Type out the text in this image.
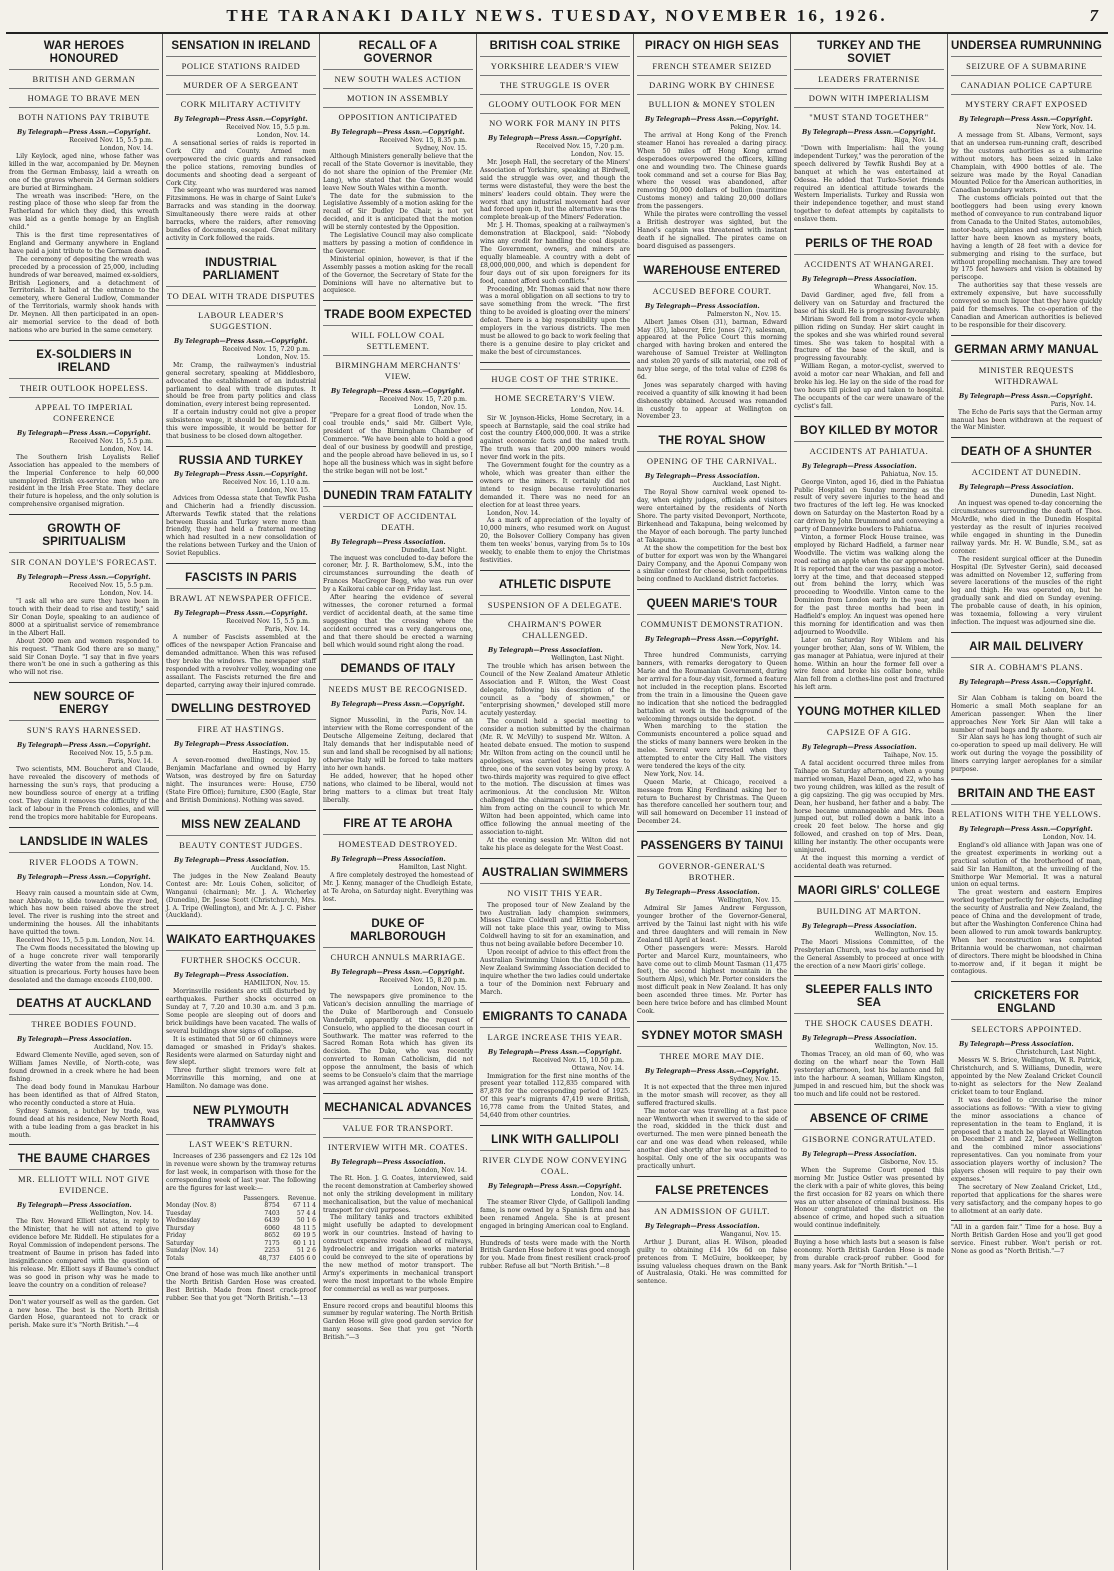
THE TARANAKI DAILY NEWS. TUESDAY, NOVEMBER 16, 1926.	7
WAR HEROES HONOURED
BRITISH AND GERMAN
HOMAGE TO BRAVE MEN
BOTH NATIONS PAY TRIBUTE
By Telegraph—Press Assn.—Copyright.
Received Nov. 15, 5.5 p.m.
London, Nov. 14.

Lily Keylock, aged nine, whose father was killed in the war, accompanied by Dr. Meynen from the German Embassy, laid a wreath on one of the graves wherein 24 German soldiers are buried at Birmingham.

The wreath was inscribed: "Here, on the resting place of those who sleep far from the Fatherland for which they died, this wreath was laid as a gentle homage by an English child."

This is the first time representatives of England and Germany anywhere in England have paid a joint tribute to the German dead.

The ceremony of depositing the wreath was preceded by a procession of 25,000, including hundreds of war bereaved, maimed ex-soldiers, British Legioners, and a detachment of Territorials. It halted at the entrance to the cemetery, where General Ludlow, Commander of the Territorials, warmly shook hands with Dr. Meynen. All then participated in an open-air memorial service to the dead of both nations who are buried in the same cemetery.

EX-SOLDIERS IN IRELAND
THEIR OUTLOOK HOPELESS.
APPEAL TO IMPERIAL CONFERENCE
By Telegraph—Press Assn.—Copyright.
Received Nov. 15, 5.5 p.m.
London, Nov. 14.

The Southern Irish Loyalists Relief Association has appealed to the members of the Imperial Conference to help 60,000 unemployed British ex-service men who are resident in the Irish Free State. They declare their future is hopeless, and the only solution is comprehensive organised migration.

GROWTH OF SPIRITUALISM
SIR CONAN DOYLE'S FORECAST.
By Telegraph—Press Assn.—Copyright.
Received Nov. 15, 5.5 p.m.
London, Nov. 14.

"I ask all who are sure they have been in touch with their dead to rise and testify," said Sir Conan Doyle, speaking to an audience of 8000 at a spiritualist service of remembrance in the Albert Hall.

About 2000 men and women responded to his request. "Thank God there are so many," said Sir Conan Doyle. "I say that in five years there won't be one in such a gathering as this who will not rise.

NEW SOURCE OF ENERGY
SUN'S RAYS HARNESSED.
By Telegraph—Press Assn.—Copyright.
Received Nov. 15, 5.5 p.m.
Paris, Nov. 14.

Two scientists, MM. Boucherot and Claude, have revealed the discovery of methods of harnessing the sun's rays, that producing a new boundless source of energy at a trifling cost. They claim it removes the difficulty of the lack of labour in the French colonies, and will rend the tropics more habitable for Europeans.

LANDSLIDE IN WALES
RIVER FLOODS A TOWN.
By Telegraph—Press Assn.—Copyright.
London, Nov. 14.

Heavy rain caused a mountain side at Cwm, near Abbvale, to slide towards the river bed, which has now been raised above the street level. The river is rushing into the street and undermining the houses. All the inhabitants have quitted the town.

Received Nov. 15, 5.5 p.m. London, Nov. 14.

The Cwm floods necessitated the blowing up of a huge concrete river wall temporarily diverting the water from the main road. The situation is precarious. Forty houses have been desolated and the damage exceeds £100,000.

DEATHS AT AUCKLAND
THREE BODIES FOUND.
By Telegraph—Press Association.
Auckland, Nov. 15.

Edward Clemente Neville, aged seven, son of William James Neville, of North-cote, was found drowned in a creek where he had been fishing.

The dead body found in Manukau Harbour has been identified as that of Alfred Staton, who recently conducted a store at Huia.

Sydney Samson, a butcher by trade, was found dead at his residence, New North Road, with a tube leading from a gas bracket in his mouth.

THE BAUME CHARGES
MR. ELLIOTT WILL NOT GIVE EVIDENCE.
By Telegraph—Press Association.
Wellington, Nov. 14.

The Rev. Howard Elliott states, in reply to the Minister, that he will not attend to give evidence before Mr. Riddell. He stipulates for a Royal Commission of independent persons. The treatment of Baume in prison has faded into insignificance compared with the question of his release. Mr. Elliott says if Baume's conduct was so good in prison why was he made to leave the country on a condition of release?

Don't water yourself as well as the garden. Get a new hose. The best is the North British Garden Hose, guaranteed not to crack or perish. Make sure it's "North British."—4
SENSATION IN IRELAND
POLICE STATIONS RAIDED
MURDER OF A SERGEANT
CORK MILITARY ACTIVITY
By Telegraph—Press Assn.—Copyright.
Received Nov. 15, 5.5 p.m.
London, Nov. 14.

A sensational series of raids is reported in Cork City and County. Armed men overpowered the civic guards and ransacked the police stations, removing bundles of documents and shooting dead a sergeant of Cork City.

The sergeant who was murdered was named Fitzsimmons. He was in charge of Saint Luke's Barracks and was standing in the doorway. Simultaneously there were raids at other barracks, where the raiders, after removing bundles of documents, escaped. Great military activity in Cork followed the raids.

INDUSTRIAL PARLIAMENT
TO DEAL WITH TRADE DISPUTES
LABOUR LEADER'S SUGGESTION.
By Telegraph—Press Assn.—Copyright.
Received Nov. 15, 7.20 p.m.
London, Nov. 15.

Mr. Cramp, the railwaymen's industrial general secretary, speaking at Middlesboro, advocated the establishment of an industrial parliament to deal with trade disputes. It should be free from party politics and class domination, every interest being represented.

If a certain industry could not give a proper subsistence wage, it should be reorganised. If this were impossible, it would be better for that business to be closed down altogether.

RUSSIA AND TURKEY
By Telegraph—Press Assn.—Copyright.
Received Nov. 16, 1.10 a.m.
London, Nov. 15.

Advices from Odessa state that Tewfik Pasha and Chicherin had a friendly discussion. Afterwards Tewfik stated that the relations between Russia and Turkey were more than friendly, they had held a fraternal meeting which had resulted in a new consolidation of the relations between Turkey and the Union of Soviet Republics.

FASCISTS IN PARIS
BRAWL AT NEWSPAPER OFFICE.
By Telegraph—Press Assn.—Copyright.
Received Nov. 15, 5.5 p.m.
Paris, Nov. 14.

A number of Fascists assembled at the offices of the newspaper Action Francaise and demanded admittance. When this was refused they broke the windows. The newspaper staff responded with a revolver volley, wounding one assailant. The Fascists returned the fire and departed, carrying away their injured comrade.

DWELLING DESTROYED
FIRE AT HASTINGS.
By Telegraph—Press Association.
Hastings, Nov. 15.

A seven-roomed dwelling occupied by Benjamin Macfarlane and owned by Harry Watson, was destroyed by fire on Saturday night. The insurances were: House, £750 (State Fire Office); furniture, £300 (Eagle, Star and British Dominions). Nothing was saved.

MISS NEW ZEALAND
BEAUTY CONTEST JUDGES.
By Telegraph—Press Association.
Auckland, Nov. 15.

The judges in the New Zealand Beauty Contest are: Mr. Louis Cohen, solicitor, of Wanganui (chairman); Mr. J. A. Wicherley (Dunedin), Dr. Jesse Scott (Christchurch), Mrs. J. A. Tripe (Wellington), and Mr. A. J. C. Fisher (Auckland).

WAIKATO EARTHQUAKES
FURTHER SHOCKS OCCUR.
By Telegraph—Press Association.
HAMILTON, Nov. 15.

Morrinsville residents are still disturbed by earthquakes. Further shocks occurred on Sunday at 7, 7.20 and 10.30 a.m. and 3 p.m. Some people are sleeping out of doors and brick buildings have been vacated. The walls of several buildings show signs of collapse.

It is estimated that 50 or 60 chimneys were damaged or smashed in Friday's shakes. Residents were alarmed on Saturday night and few slept.

Three further slight tremors were felt at Morrinsville this morning, and one at Hamilton. No damage was done.

NEW PLYMOUTH TRAMWAYS
LAST WEEK'S RETURN.

Increases of 236 passengers and £2 12s 10d in revenue were shown by the tramway returns for last week, in comparison with those for the corresponding week of last year. The following are the figures for last week:—

	Passengers.	Revenue.
Monday (Nov. 8)	8754	67 11 4
Tuesday	7403	57 4 4
Wednesday	6439	50 1 6
Thursday	6060	48 11 5
Friday	8652	69 19 5
Saturday	7175	60 1 11
Sunday (Nov. 14)	2253	51 2 6
Totals	48,737	£405 6 0
One brand of hose was much like another until the North British Garden Hose was created. Best British. Made from finest crack-proof rubber. See that you get "North British."—13
RECALL OF A GOVERNOR
NEW SOUTH WALES ACTION
MOTION IN ASSEMBLY
OPPOSITION ANTICIPATED
By Telegraph—Press Assn.—Copyright.
Received Nov. 15, 8.35 p.m.
Sydney, Nov. 15.

Although Ministers generally believe that the recall of the State Governor is inevitable, they do not share the opinion of the Premier (Mr. Lang), who stated that the Governor would leave New South Wales within a month.

The date for the submission to the Legislative Assembly of a motion asking for the recall of Sir Dudley De Chair, is not yet decided, and it is anticipated that the motion will be sternly contested by the Opposition.

The Legislative Council may also complicate matters by passing a motion of confidence in the Governor.

Ministerial opinion, however, is that if the Assembly passes a motion asking for the recall of the Governor, the Secretary of State for the Dominions will have no alternative but to acquiesce.

TRADE BOOM EXPECTED
WILL FOLLOW COAL SETTLEMENT.
BIRMINGHAM MERCHANTS' VIEW.
By Telegraph—Press Assn.—Copyright.
Received Nov. 15, 7.20 p.m.
London, Nov. 15.

"Prepare for a great flood of trade when the coal trouble ends," said Mr. Gilbert Vyle, president of the Birmingham Chamber of Commerce. "We have been able to hold a good deal of our business by goodwill and prestige, and the people abroad have believed in us, so I hope all the business which was in sight before the strike began will not be lost."

DUNEDIN TRAM FATALITY
VERDICT OF ACCIDENTAL DEATH.
By Telegraph—Press Association.
Dunedin, Last Night.

The inquest was concluded to-day before the coroner, Mr. J. R. Bartholomew, S.M., into the circumstances surrounding the death of Frances MacGregor Begg, who was run over by a Kaikorai cable car on Friday last.

After hearing the evidence of several witnesses, the coroner returned a formal verdict of accidental death, at the same time suggesting that the crossing where the accident occurred was a very dangerous one, and that there should be erected a warning bell which would sound right along the road.

DEMANDS OF ITALY
NEEDS MUST BE RECOGNISED.
By Telegraph—Press Assn.—Copyright.
Paris, Nov. 14.

Signor Mussolini, in the course of an interview with the Rome correspondent of the Deutsche Allgemeine Zeitung, declared that Italy demands that her indisputable need of sun and land shall be recognised by all nations; otherwise Italy will be forced to take matters into her own hands.

He added, however, that he hoped other nations, who claimed to be liberal, would not bring matters to a climax but treat Italy liberally.

FIRE AT TE AROHA
HOMESTEAD DESTROYED.
By Telegraph—Press Association.
Hamilton, Last Night.

A fire completely destroyed the homestead of Mr. J. Kenny, manager of the Chudleigh Estate, at Te Aroha, on Saturday night. Everything was lost.

DUKE OF MARLBOROUGH
CHURCH ANNULS MARRIAGE.
By Telegraph—Press Assn.—Copyright.
Received Nov. 15, 8.20 p.m.
London, Nov. 15.

The newspapers give prominence to the Vatican's decision annulling the marriage of the Duke of Marlborough and Consuelo Vanderbilt, apparently at the request of Consuelo, who applied to the diocesan court in Southwark. The matter was referred to the Sacred Roman Rota which has given its decision. The Duke, who was recently converted to Roman Catholicism, did not oppose the annulment, the basis of which seems to be Consuelo's claim that the marriage was arranged against her wishes.

MECHANICAL ADVANCES
VALUE FOR TRANSPORT.
INTERVIEW WITH MR. COATES.
By Telegraph—Press Association.
London, Nov. 14.

The Rt. Hon. J. G. Coates, interviewed, said the recent demonstration at Camberley showed not only the striking development in military mechanicalisation, but the value of mechanical transport for civil purposes.

The military tanks and tractors exhibited might usefully be adapted to development work in our countries. Instead of having to construct expensive roads ahead of railways, hydroelectric and irrigation works material could be conveyed to the site of operations by the new method of motor transport. The Army's experiments in mechanical transport were the most important to the whole Empire for commercial as well as war purposes.

Ensure record crops and beautiful blooms this summer by regular watering. The North British Garden Hose will give good garden service for many seasons. See that you get "North British."—3
BRITISH COAL STRIKE
YORKSHIRE LEADER'S VIEW
THE STRUGGLE IS OVER
GLOOMY OUTLOOK FOR MEN
NO WORK FOR MANY IN PITS
By Telegraph—Press Assn.—Copyright.
Received Nov. 15, 7.20 p.m.
London, Nov. 15.

Mr. Joseph Hall, the secretary of the Miners' Association of Yorkshire, speaking at Birdwell, said the struggle was over, and though the terms were distasteful, they were the best the miners' leaders could obtain. They were the worst that any industrial movement had ever had forced upon it, but the alternative was the complete break-up of the Miners' Federation.

Mr. J. H. Thomas, speaking at a railwaymen's demonstration at Blackpool, said: "Nobody wins any credit for handling the coal dispute. The Government, owners, and miners are equally blameable. A country with a debt of £8,000,000,000, and which is dependent for four days out of six upon foreigners for its food, cannot afford such conflicts."

Proceeding, Mr. Thomas said that now there was a moral obligation on all sections to try to save something from the wreck. "The first thing to be avoided is gloating over the miners' defeat. There is a big responsibility upon the employers in the various districts. The men must be allowed to go back to work feeling that there is a genuine desire to play cricket and make the best of circumstances.

HUGE COST OF THE STRIKE.
HOME SECRETARY'S VIEW.
London, Nov. 14.

Sir W. Joynson-Hicks, Home Secretary, in a speech at Barnstaple, said the coal strike had cost the country £400,000,000. It was a strike against economic facts and the naked truth. The truth was that 200,000 miners would never find work in the pits.

The Government fought for the country as a whole, which was greater than either the owners or the miners. It certainly did not intend to resign because revolutionaries demanded it. There was no need for an election for at least three years.

London, Nov. 14.

As a mark of appreciation of the loyalty of 10,000 miners, who resumed work on August 20, the Bolsover Colliery Company has given them ten weeks' bonus, varying from 5s to 10s weekly, to enable them to enjoy the Christmas festivities.

ATHLETIC DISPUTE
SUSPENSION OF A DELEGATE.
CHAIRMAN'S POWER CHALLENGED.
By Telegraph—Press Association.
Wellington, Last Night.

The trouble which has arisen between the Council of the New Zealand Amateur Athletic Association and F. Wilton, the West Coast delegate, following his description of the council as a "body of showmen," or "enterprising showmen," developed still more acutely yesterday.

The council held a special meeting to consider a motion submitted by the chairman (Mr. R. W. McVilly) to suspend Mr. Wilton. A heated debate ensued. The motion to suspend Mr. Wilton from acting on the council until he apologises, was carried by seven votes to three, one of the seven votes being by proxy. A two-thirds majority was required to give effect to the motion. The discussion at times was acrimonious. At the conclusion Mr. Wilton challenged the chairman's power to prevent him from acting on the council to which Mr. Wilton had been appointed, which came into office following the annual meeting of the association to-night.

At the evening session Mr. Wilton did not take his place as delegate for the West Coast.

AUSTRALIAN SWIMMERS
NO VISIT THIS YEAR.

The proposed tour of New Zealand by the two Australian lady champion swimmers, Misses Claire Coldwell and Ettie Robertson, will not take place this year, owing to Miss Coldwell having to sit for an examination, and thus not being available before December 10.

Upon receipt of advice to this effect from the Australian Swimming Union the Council of the New Zealand Swimming Association decided to inquire whether the two ladies could undertake a tour of the Dominion next February and March.

EMIGRANTS TO CANADA
LARGE INCREASE THIS YEAR.
By Telegraph—Press Assn.—Copyright.
Received Nov. 15, 10.50 p.m.
Ottawa, Nov. 14.

Immigration for the first nine months of the present year totalled 112,835 compared with 87,878 for the corresponding period of 1925. Of this year's migrants 47,419 were British, 16,778 came from the United States, and 54,640 from other countries.

LINK WITH GALLIPOLI
RIVER CLYDE NOW CONVEYING COAL.
By Telegraph—Press Assn.—Copyright.
London, Nov. 14.

The steamer River Clyde, of Gallipoli landing fame, is now owned by a Spanish firm and has been renamed Angela. She is at present engaged in bringing American coal to England.

Hundreds of tests were made with the North British Garden Hose before it was good enough for you. Made from finest resilient crack-proof rubber. Refuse all but "North British."—8
PIRACY ON HIGH SEAS
FRENCH STEAMER SEIZED
DARING WORK BY CHINESE
BULLION & MONEY STOLEN
By Telegraph—Press Assn.—Copyright.
Peking, Nov. 14.

The arrival at Hong Kong of the French steamer Hanoi has revealed a daring piracy. When 50 miles off Hong Kong armed desperadoes overpowered the officers, killing one and wounding two. The Chinese guards took command and set a course for Bias Bay, where the vessel was abandoned, after removing 50,000 dollars of bullion (maritime Customs money) and taking 20,000 dollars from the passengers.

While the pirates were controlling the vessel a British destroyer was sighted, but the Hanoi's captain was threatened with instant death if he signalled. The pirates came on board disguised as passengers.

WAREHOUSE ENTERED
ACCUSED BEFORE COURT.
By Telegraph—Press Association.
Palmerston N., Nov. 15.

Albert James Olsen (31), barman, Edward May (35), labourer, Eric Jones (27), salesman, appeared at the Police Court this morning charged with having broken and entered the warehouse of Samuel Treister at Wellington and stolen 20 yards of silk material, one roll of navy blue serge, of the total value of £298 6s 6d.

Jones was separately charged with having received a quantity of silk knowing it had been dishonestly obtained. Accused was remanded in custody to appear at Wellington on November 23.

THE ROYAL SHOW
OPENING OF THE CARNIVAL.
By Telegraph—Press Association.
Auckland, Last Night.

The Royal Show carnival week opened to-day, when eighty judges, officials and visitors were entertained by the residents of North Shore. The party visited Devonport, Northcote, Birkenhead and Takapuna, being welcomed by the Mayor of each borough. The party lunched at Takapuna.

At the show the competition for the best box of butter for export was won by the Whangarei Dairy Company, and the Aponui Company won a similar contest for cheese, both competitions being confined to Auckland district factories.

QUEEN MARIE'S TOUR
COMMUNIST DEMONSTRATION.
By Telegraph—Press Assn.—Copyright.
New York, Nov. 14.

Three hundred Communists, carrying banners, with remarks derogatory to Queen Marie and the Roumanian Government, during her arrival for a four-day visit, formed a feature not included in the reception plans. Escorted from the train in a limousine the Queen gave no indication that she noticed the bedraggled battalion at work in the background of the welcoming throngs outside the depot.

When marching to the station the Communists encountered a police squad and the sticks of many banners were broken in the melee. Several were arrested when they attempted to enter the City Hall. The visitors were tendered the keys of the city.

New York, Nov. 14.

Queen Marie, at Chicago, received a message from King Ferdinand asking her to return to Bucharest by Christmas. The Queen has therefore cancelled her southern tour, and will sail homeward on December 11 instead of December 24.

PASSENGERS BY TAINUI
GOVERNOR-GENERAL'S BROTHER.
By Telegraph—Press Association.
Wellington, Nov. 15.

Admiral Sir James Andrew Fergusson, younger brother of the Governor-General, arrived by the Tainui last night with his wife and three daughters and will remain in New Zealand till April at least.

Other passengers were: Messrs. Harold Porter and Marcel Kurz, mountaineers, who have come out to climb Mount Tasman (11,475 feet), the second highest mountain in the Southern Alps), which Mr. Porter considers the most difficult peak in New Zealand. It has only been ascended three times. Mr. Porter has been here twice before and has climbed Mount Cook.

SYDNEY MOTOR SMASH
THREE MORE MAY DIE.
By Telegraph—Press Assn.—Copyright.
Sydney, Nov. 15.

It is not expected that the three men injured in the motor smash will recover, as they all suffered fractured skulls.

The motor-car was travelling at a fast pace near Wentworth when it swerved to the side of the road, skidded in the thick dust and overturned. The men were pinned beneath the car and one was dead when released, while another died shortly after he was admitted to hospital. Only one of the six occupants was practically unhurt.

FALSE PRETENCES
AN ADMISSION OF GUILT.
By Telegraph—Press Association.
Wanganui, Nov. 15.

Arthur J. Durant, alias H. Wilson, pleaded guilty to obtaining £14 10s 6d on false pretences from T. McGuire, bookkeeper, by issuing valueless cheques drawn on the Bank of Australasia, Otaki. He was committed for sentence.

TURKEY AND THE SOVIET
LEADERS FRATERNISE
DOWN WITH IMPERIALISM
"MUST STAND TOGETHER"
By Telegraph—Press Assn.—Copyright.
Riga, Nov. 14.

"Down with Imperialism: hail the young independent Turkey," was the peroration of the speech delivered by Tewfik Rushdi Bey at a banquet at which he was entertained at Odessa. He added that Turko-Soviet friends required an identical attitude towards the Western Imperialists. Turkey and Russia won their independence together, and must stand together to defeat attempts by capitalists to enslave them.

PERILS OF THE ROAD
ACCIDENTS AT WHANGAREI.
By Telegraph—Press Association.
Whangarei, Nov. 15.

David Gardiner, aged five, fell from a delivery van on Saturday and fractured the base of his skull. He is progressing favourably.

Miriam Sword fell from a motor-cycle when pillion riding on Sunday. Her skirt caught in the spokes and she was whirled round several times. She was taken to hospital with a fracture of the base of the skull, and is progressing favourably.

William Regan, a motor-cyclist, swerved to avoid a motor car near Whakian, and fell and broke his leg. He lay on the side of the road for two hours till picked up and taken to hospital. The occupants of the car were unaware of the cyclist's fall.

BOY KILLED BY MOTOR
ACCIDENTS AT PAHIATUA.
By Telegraph—Press Association.
Pahiatua, Nov. 15.

George Vinton, aged 16, died in the Pahiatua Public Hospital on Sunday morning as the result of very severe injuries to the head and two fractures of the left leg. He was knocked down on Saturday on the Masterton Road by a car driven by John Drummond and conveying a party of Dannevirke bowlers to Pahiatua.

Vinton, a former Flock House trainee, was employed by Richard Hadfield, a farmer near Woodville. The victim was walking along the road eating an apple when the car approached. It is reported that the car was passing a motor-lorry at the time, and that deceased stepped out from behind the lorry, which was proceeding to Woodville. Vinton came to the Dominion from London early in the year, and for the past three months had been in Hadfield's employ. An inquest was opened here this morning for identification and was then adjourned to Woodville.

Later on Saturday Roy Wiblem and his younger brother, Alan, sons of W. Wiblem, the gas manager at Pahiatua, were injured at their home. Within an hour the former fell over a wire fence and broke his collar bone, while Alan fell from a clothes-line post and fractured his left arm.

YOUNG MOTHER KILLED
CAPSIZE OF A GIG.
By Telegraph—Press Association.
Taihape, Nov. 15.

A fatal accident occurred three miles from Taihape on Saturday afternoon, when a young married woman, Hazel Dean, aged 22, who has two young children, was killed as the result of a gig capsizing. The gig was occupied by Mrs. Dean, her husband, her father and a baby. The horse became unmanageable and Mrs. Dean jumped out, but rolled down a bank into a creek 20 feet below. The horse and gig followed, and crashed on top of Mrs. Dean, killing her instantly. The other occupants were uninjured.

At the inquest this morning a verdict of accidental death was returned.

MAORI GIRLS' COLLEGE
BUILDING AT MARTON.
By Telegraph—Press Association.
Wellington, Nov. 15.

The Maori Missions Committee, of the Presbyterian Church, was to-day authorised by the General Assembly to proceed at once with the erection of a new Maori girls' college.

SLEEPER FALLS INTO SEA
THE SHOCK CAUSES DEATH.
By Telegraph—Press Association.
Wellington, Nov. 15.

Thomas Tracey, an old man of 60, who was dozing on the wharf near the Town Hall yesterday afternoon, lost his balance and fell into the harbour. A seaman, William Kingston, jumped in and rescued him, but the shock was too much and life could not be restored.

ABSENCE OF CRIME
GISBORNE CONGRATULATED.
By Telegraph—Press Association.
Gisborne, Nov. 15.

When the Supreme Court opened this morning Mr. Justice Ostler was presented by the clerk with a pair of white gloves, this being the first occasion for 82 years on which there was an utter absence of criminal business. His Honour congratulated the district on the absence of crime, and hoped such a situation would continue indefinitely.

Buying a hose which lasts but a season is false economy. North British Garden Hose is made from durable crack-proof rubber. Good for many years. Ask for "North British."—1
UNDERSEA RUMRUNNING
SEIZURE OF A SUBMARINE
CANADIAN POLICE CAPTURE
MYSTERY CRAFT EXPOSED
By Telegraph—Press Assn.—Copyright.
New York, Nov. 14.

A message from St. Albans, Vermont, says that an undersea rum-running craft, described by the customs authorities as a submarine without motors, has been seized in Lake Champlain, with 4900 bottles of ale. The seizure was made by the Royal Canadian Mounted Police for the American authorities, in Canadian boundary waters.

The customs officials pointed out that the bootleggers had been using every known method of conveyance to run contraband liquor from Canada to the United States, automobiles, motor-boats, airplanes and submarines, which latter have been known as mystery boats, having a length of 28 feet with a device for submerging and rising to the surface, but without propelling mechanism. They are towed by 175 feet hawsers and vision is obtained by periscope.

The authorities say that these vessels are extremely expensive, but have successfully conveyed so much liquor that they have quickly paid for themselves. The co-operation of the Canadian and American authorities is believed to be responsible for their discovery.

GERMAN ARMY MANUAL
MINISTER REQUESTS WITHDRAWAL
By Telegraph—Press Assn.—Copyright.
Paris, Nov. 14.

The Echo de Paris says that the German army manual has been withdrawn at the request of the War Minister.

DEATH OF A SHUNTER
ACCIDENT AT DUNEDIN.
By Telegraph—Press Association.
Dunedin, Last Night.

An inquest was opened to-day concerning the circumstances surrounding the death of Thos. McArdle, who died in the Dunedin Hospital yesterday as the result of injuries received while engaged in shunting in the Dunedin railway yards. Mr. H. W. Bundle, S.M., sat as coroner.

The resident surgical officer at the Dunedin Hospital (Dr. Sylvester Gerin), said deceased was admitted on November 12, suffering from severe lacerations of the muscles of the right leg and thigh. He was operated on, but he gradually sank and died on Sunday evening. The probable cause of death, in his opinion, was toxaemia, following a very virulent infection. The inquest was adjourned sine die.

AIR MAIL DELIVERY
SIR A. COBHAM'S PLANS.
By Telegraph—Press Assn.—Copyright.
London, Nov. 14.

Sir Alan Cobham is taking on board the Homeric a small Moth seaplane for an American passenger. When the liner approaches New York Sir Alan will take a number of mail bags and fly ashore.

Sir Alan says he has long thought of such air co-operation to speed up mail delivery. He will work out during the voyage the possibility of liners carrying larger aeroplanes for a similar purpose.

BRITAIN AND THE EAST
RELATIONS WITH THE YELLOWS.
By Telegraph—Press Assn.—Copyright.
London, Nov. 14.

England's old alliance with Japan was one of the greatest experiments in working out a practical solution of the brotherhood of man, said Sir Ian Hamilton, at the unveiling of the Smithorpe War Memorial. It was a natural union on equal terms.

The great western and eastern Empires worked together perfectly for objects, including the security of Australia and New Zealand, the peace of China and the development of trade, but after the Washington Conference China had been allowed to run amok towards bankruptcy. When her reconstruction was completed Britannia would be charwoman, not chairman of directors. There might be bloodshed in China to-morrow and, if it began it might be contagious.

CRICKETERS FOR ENGLAND
SELECTORS APPOINTED.
By Telegraph—Press Association.
Christchurch, Last Night.

Messrs W. S. Brice, Wellington, W. R. Patrick, Christchurch, and S. Williams, Dunedin, were appointed by the New Zealand Cricket Council to-night as selectors for the New Zealand cricket team to tour England.

It was decided to circularise the minor associations as follows: "With a view to giving the minor associations a chance of representation in the team to England, it is proposed that a match be played at Wellington on December 21 and 22, between Wellington and the combined minor associations' representatives. Can you nominate from your association players worthy of inclusion? The players chosen will require to pay their own expenses."

The secretary of New Zealand Cricket, Ltd., reported that applications for the shares were very satisfactory, and the company hopes to go to allotment at an early date.

"All in a garden fair." Time for a hose. Buy a North British Garden Hose and you'll get good service. Finest rubber. Won't perish or rot. None as good as "North British."—7
